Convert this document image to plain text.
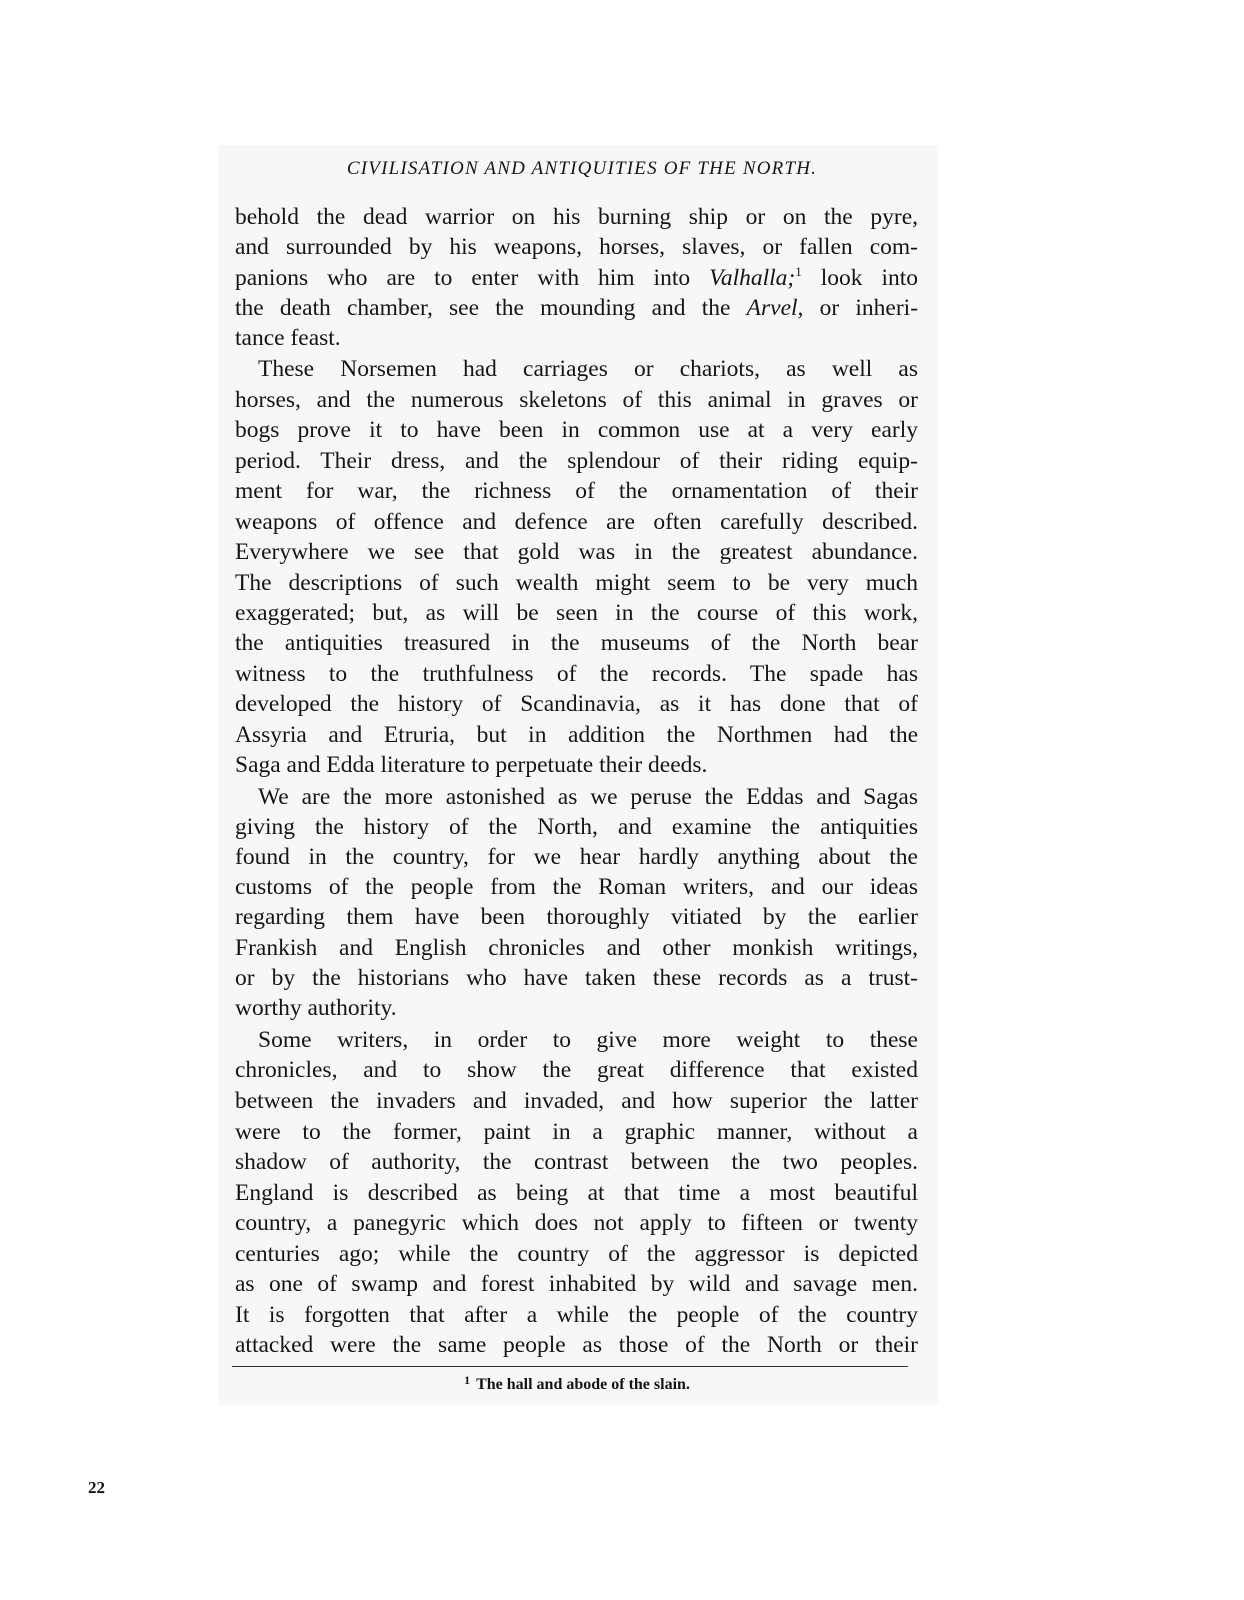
CIVILISATION AND ANTIQUITIES OF THE NORTH.
behold the dead warrior on his burning ship or on the pyre,
and surrounded by his weapons, horses, slaves, or fallen com-
panions who are to enter with him into Valhalla;$^1$ look into
the death chamber, see the mounding and the Arvel, or inheri-
tance feast.
These Norsemen had carriages or chariots, as well as
horses, and the numerous skeletons of this animal in graves or
bogs prove it to have been in common use at a very early
period. Their dress, and the splendour of their riding equip-
ment for war, the richness of the ornamentation of their
weapons of offence and defence are often carefully described.
Everywhere we see that gold was in the greatest abundance.
The descriptions of such wealth might seem to be very much
exaggerated; but, as will be seen in the course of this work,
the antiquities treasured in the museums of the North bear
witness to the truthfulness of the records. The spade has
developed the history of Scandinavia, as it has done that of
Assyria and Etruria, but in addition the Northmen had the
Saga and Edda literature to perpetuate their deeds.
We are the more astonished as we peruse the Eddas and Sagas
giving the history of the North, and examine the antiquities
found in the country, for we hear hardly anything about the
customs of the people from the Roman writers, and our ideas
regarding them have been thoroughly vitiated by the earlier
Frankish and English chronicles and other monkish writings,
or by the historians who have taken these records as a trust-
worthy authority.
Some writers, in order to give more weight to these
chronicles, and to show the great difference that existed
between the invaders and invaded, and how superior the latter
were to the former, paint in a graphic manner, without a
shadow of authority, the contrast between the two peoples.
England is described as being at that time a most beautiful
country, a panegyric which does not apply to fifteen or twenty
centuries ago; while the country of the aggressor is depicted
as one of swamp and forest inhabited by wild and savage men.
It is forgotten that after a while the people of the country
attacked were the same people as those of the North or their
$^1$ The hall and abode of the slain.
22
